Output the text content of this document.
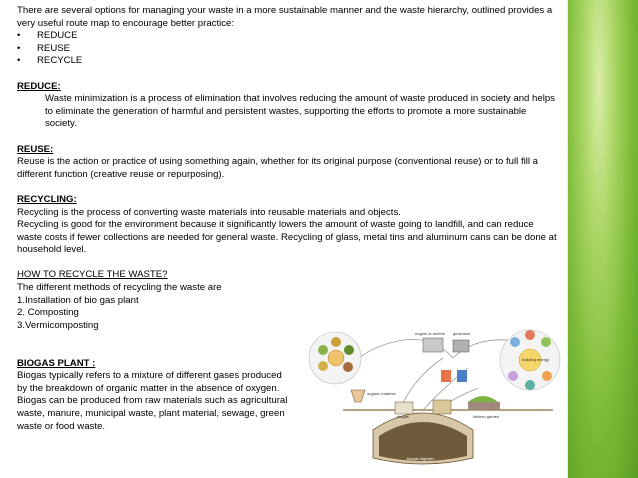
There are several options for managing your waste in a more sustainable manner and the waste hierarchy, outlined provides a very useful route map to encourage better practice:

•	REDUCE
•	REUSE
•	RECYCLE

REDUCE:

Waste minimization is a process of elimination that involves reducing the amount of waste produced in society and helps to eliminate the generation of harmful and persistent wastes, supporting the efforts to promote a more sustainable society.

REUSE:

Reuse is the action or practice of using something again, whether for its original purpose (conventional reuse) or to full fill a different function (creative reuse or repurposing).

RECYCLING:

Recycling is the process of converting waste materials into reusable materials and objects.

Recycling is good for the environment because it significantly lowers the amount of waste going to landfill, and can reduce waste costs if fewer collections are needed for general waste. Recycling of glass, metal tins and aluminum cans can be done at household level.

HOW TO RECYCLE THE WASTE?

The different methods of recycling the waste are

1.Installation of bio gas plant

2. Composting

3.Vermicomposting

BIOGAS PLANT :

Biogas typically refers to a mixture of different gases produced

by the breakdown of organic matter in the absence of oxygen.

Biogas can be produced from raw materials such as agricultural

waste, manure, municipal waste, plant material, sewage, green

waste or food waste.

organic material
biogas digester
biogas
engine or turbine generator
kitchen garden
building energy
